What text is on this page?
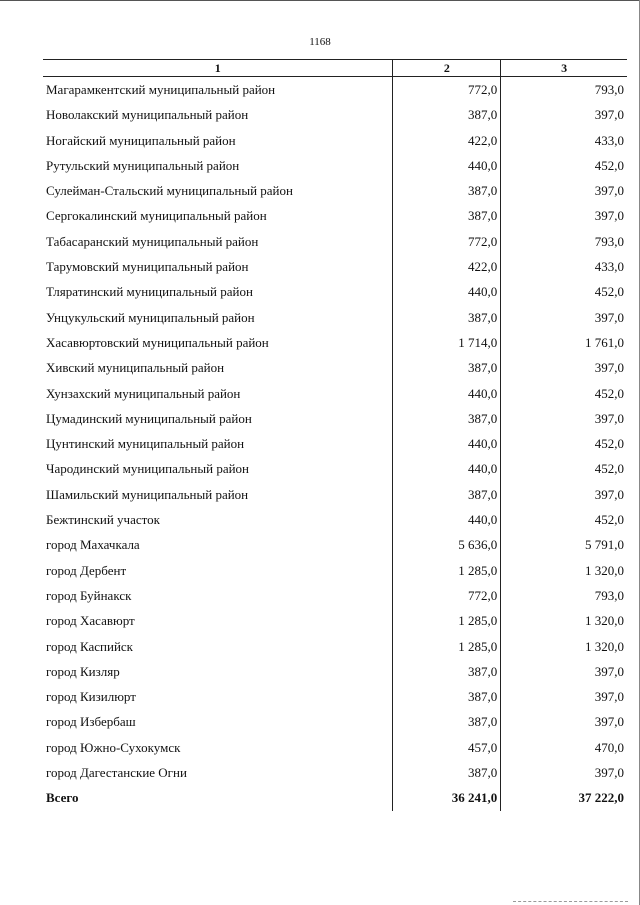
1168
1	2	3
Магарамкентский муниципальный район	772,0	793,0
Новолакский муниципальный район	387,0	397,0
Ногайский муниципальный район	422,0	433,0
Рутульский муниципальный район	440,0	452,0
Сулейман-Стальский муниципальный район	387,0	397,0
Сергокалинский муниципальный район	387,0	397,0
Табасаранский муниципальный район	772,0	793,0
Тарумовский муниципальный район	422,0	433,0
Тляратинский муниципальный район	440,0	452,0
Унцукульский муниципальный район	387,0	397,0
Хасавюртовский муниципальный район	1 714,0	1 761,0
Хивский муниципальный район	387,0	397,0
Хунзахский муниципальный район	440,0	452,0
Цумадинский муниципальный район	387,0	397,0
Цунтинский муниципальный район	440,0	452,0
Чародинский муниципальный район	440,0	452,0
Шамильский муниципальный район	387,0	397,0
Бежтинский участок	440,0	452,0
город Махачкала	5 636,0	5 791,0
город Дербент	1 285,0	1 320,0
город Буйнакск	772,0	793,0
город Хасавюрт	1 285,0	1 320,0
город Каспийск	1 285,0	1 320,0
город Кизляр	387,0	397,0
город Кизилюрт	387,0	397,0
город Избербаш	387,0	397,0
город Южно-Сухокумск	457,0	470,0
город Дагестанские Огни	387,0	397,0
Всего	36 241,0	37 222,0
